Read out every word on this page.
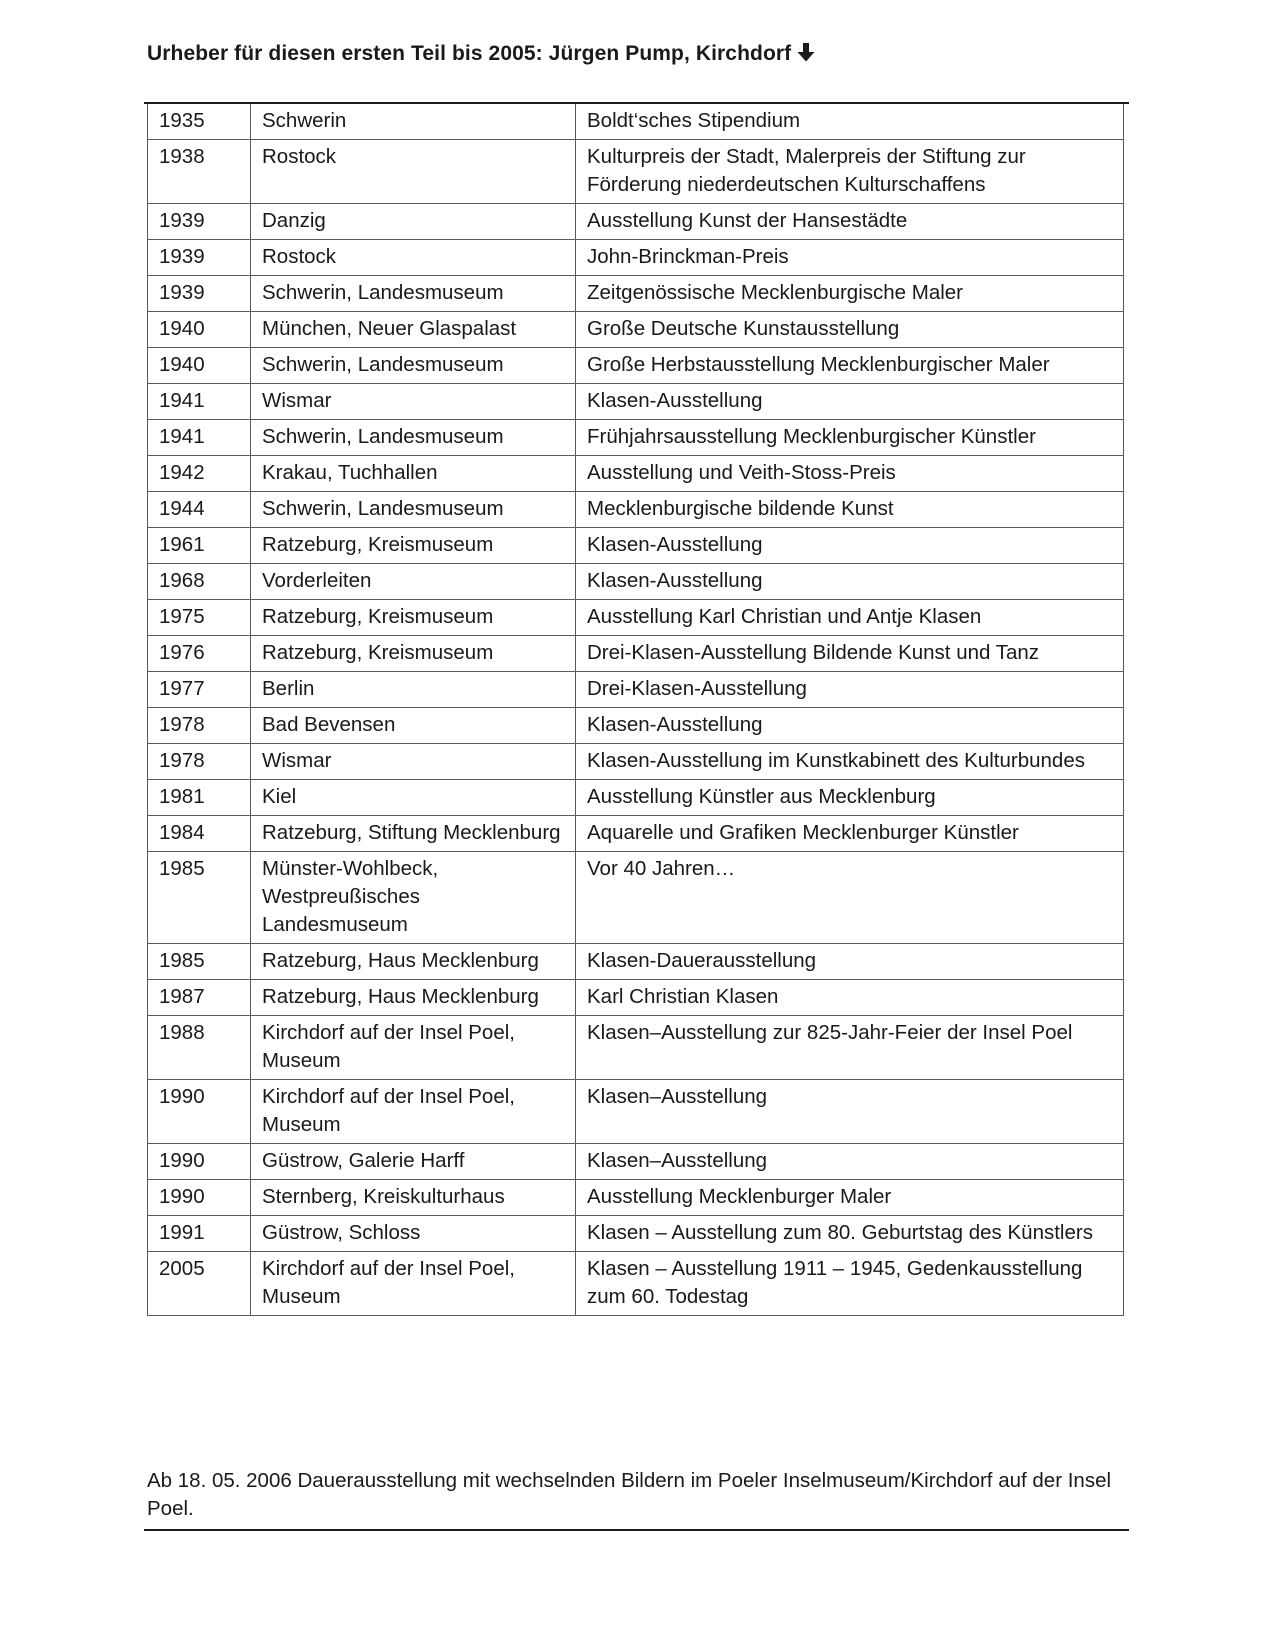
Urheber für diesen ersten Teil bis 2005: Jürgen Pump, Kirchdorf
1935	Schwerin	Boldt‘sches Stipendium
1938	Rostock	Kulturpreis der Stadt, Malerpreis der Stiftung zur Förderung niederdeutschen Kulturschaffens
1939	Danzig	Ausstellung Kunst der Hansestädte
1939	Rostock	John-Brinckman-Preis
1939	Schwerin, Landesmuseum	Zeitgenössische Mecklenburgische Maler
1940	München, Neuer Glaspalast	Große Deutsche Kunstausstellung
1940	Schwerin, Landesmuseum	Große Herbstausstellung Mecklenburgischer Maler
1941	Wismar	Klasen-Ausstellung
1941	Schwerin, Landesmuseum	Frühjahrsausstellung Mecklenburgischer Künstler
1942	Krakau, Tuchhallen	Ausstellung und Veith-Stoss-Preis
1944	Schwerin, Landesmuseum	Mecklenburgische bildende Kunst
1961	Ratzeburg, Kreismuseum	Klasen-Ausstellung
1968	Vorderleiten	Klasen-Ausstellung
1975	Ratzeburg, Kreismuseum	Ausstellung Karl Christian und Antje Klasen
1976	Ratzeburg, Kreismuseum	Drei-Klasen-Ausstellung Bildende Kunst und Tanz
1977	Berlin	Drei-Klasen-Ausstellung
1978	Bad Bevensen	Klasen-Ausstellung
1978	Wismar	Klasen-Ausstellung im Kunstkabinett des Kulturbundes
1981	Kiel	Ausstellung Künstler aus Mecklenburg
1984	Ratzeburg, Stiftung Mecklenburg	Aquarelle und Grafiken Mecklenburger Künstler
1985	Münster-Wohlbeck, Westpreußisches Landesmuseum	Vor 40 Jahren…
1985	Ratzeburg, Haus Mecklenburg	Klasen-Dauerausstellung
1987	Ratzeburg, Haus Mecklenburg	Karl Christian Klasen
1988	Kirchdorf auf der Insel Poel, Museum	Klasen–Ausstellung zur 825-Jahr-Feier der Insel Poel
1990	Kirchdorf auf der Insel Poel, Museum	Klasen–Ausstellung
1990	Güstrow, Galerie Harff	Klasen–Ausstellung
1990	Sternberg, Kreiskulturhaus	Ausstellung Mecklenburger Maler
1991	Güstrow, Schloss	Klasen – Ausstellung zum 80. Geburtstag des Künstlers
2005	Kirchdorf auf der Insel Poel, Museum	Klasen – Ausstellung 1911 – 1945, Gedenkausstellung zum 60. Todestag
Ab 18. 05. 2006 Dauerausstellung mit wechselnden Bildern im Poeler Inselmuseum/Kirchdorf auf der Insel Poel.
